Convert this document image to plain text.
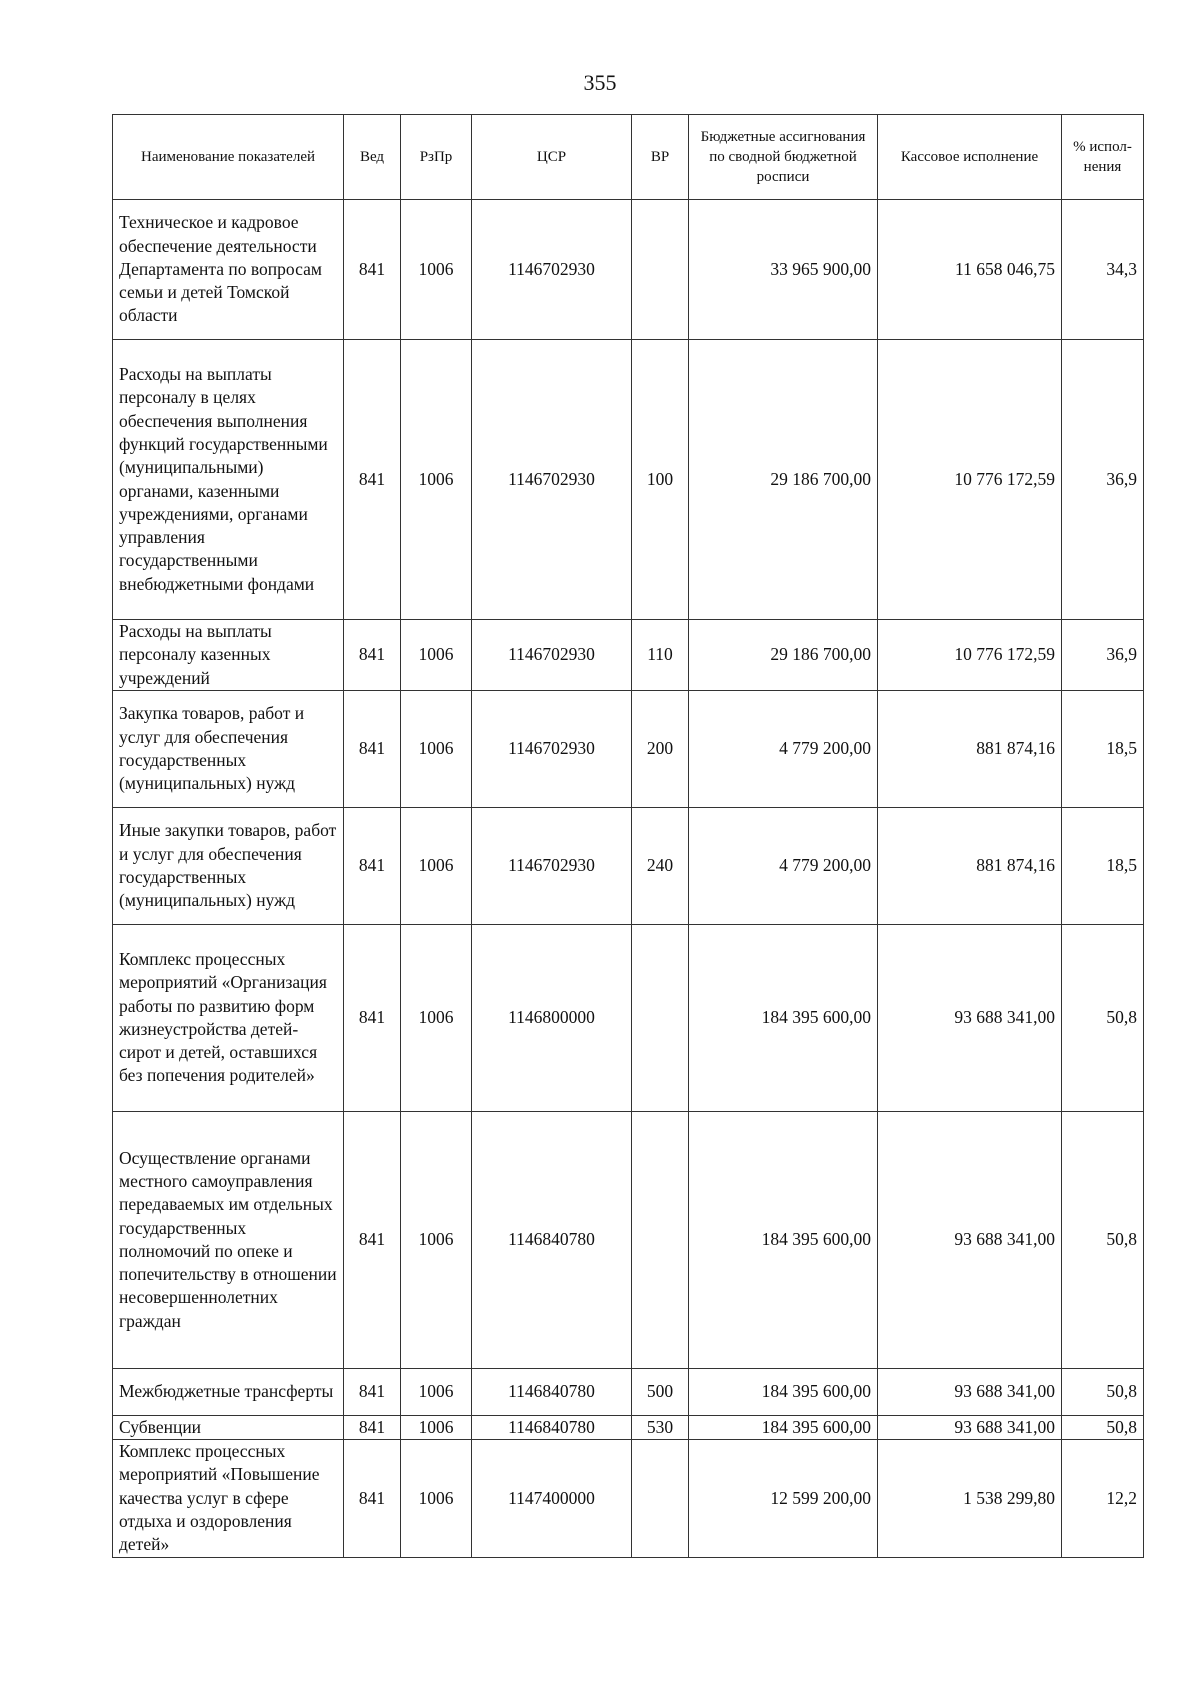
355
Наименование показателей	Вед	РзПр	ЦСР	ВР	Бюджетные ассигнования по сводной бюджетной росписи	Кассовое исполнение	% испол-нения
Техническое и кадровое обеспечение деятельности Департамента по вопросам семьи и детей Томской области	841	1006	1146702930		33 965 900,00	11 658 046,75	34,3
Расходы на выплаты персоналу в целях обеспечения выполнения функций государственными (муниципальными) органами, казенными учреждениями, органами управления государственными внебюджетными фондами	841	1006	1146702930	100	29 186 700,00	10 776 172,59	36,9
Расходы на выплаты персоналу казенных учреждений	841	1006	1146702930	110	29 186 700,00	10 776 172,59	36,9
Закупка товаров, работ и услуг для обеспечения государственных (муниципальных) нужд	841	1006	1146702930	200	4 779 200,00	881 874,16	18,5
Иные закупки товаров, работ и услуг для обеспечения государственных (муниципальных) нужд	841	1006	1146702930	240	4 779 200,00	881 874,16	18,5
Комплекс процессных мероприятий «Организация работы по развитию форм жизнеустройства детей-сирот и детей, оставшихся без попечения родителей»	841	1006	1146800000		184 395 600,00	93 688 341,00	50,8
Осуществление органами местного самоуправления передаваемых им отдельных государственных полномочий по опеке и попечительству в отношении несовершеннолетних граждан	841	1006	1146840780		184 395 600,00	93 688 341,00	50,8
Межбюджетные трансферты	841	1006	1146840780	500	184 395 600,00	93 688 341,00	50,8
Субвенции	841	1006	1146840780	530	184 395 600,00	93 688 341,00	50,8
Комплекс процессных мероприятий «Повышение качества услуг в сфере отдыха и оздоровления детей»	841	1006	1147400000		12 599 200,00	1 538 299,80	12,2
